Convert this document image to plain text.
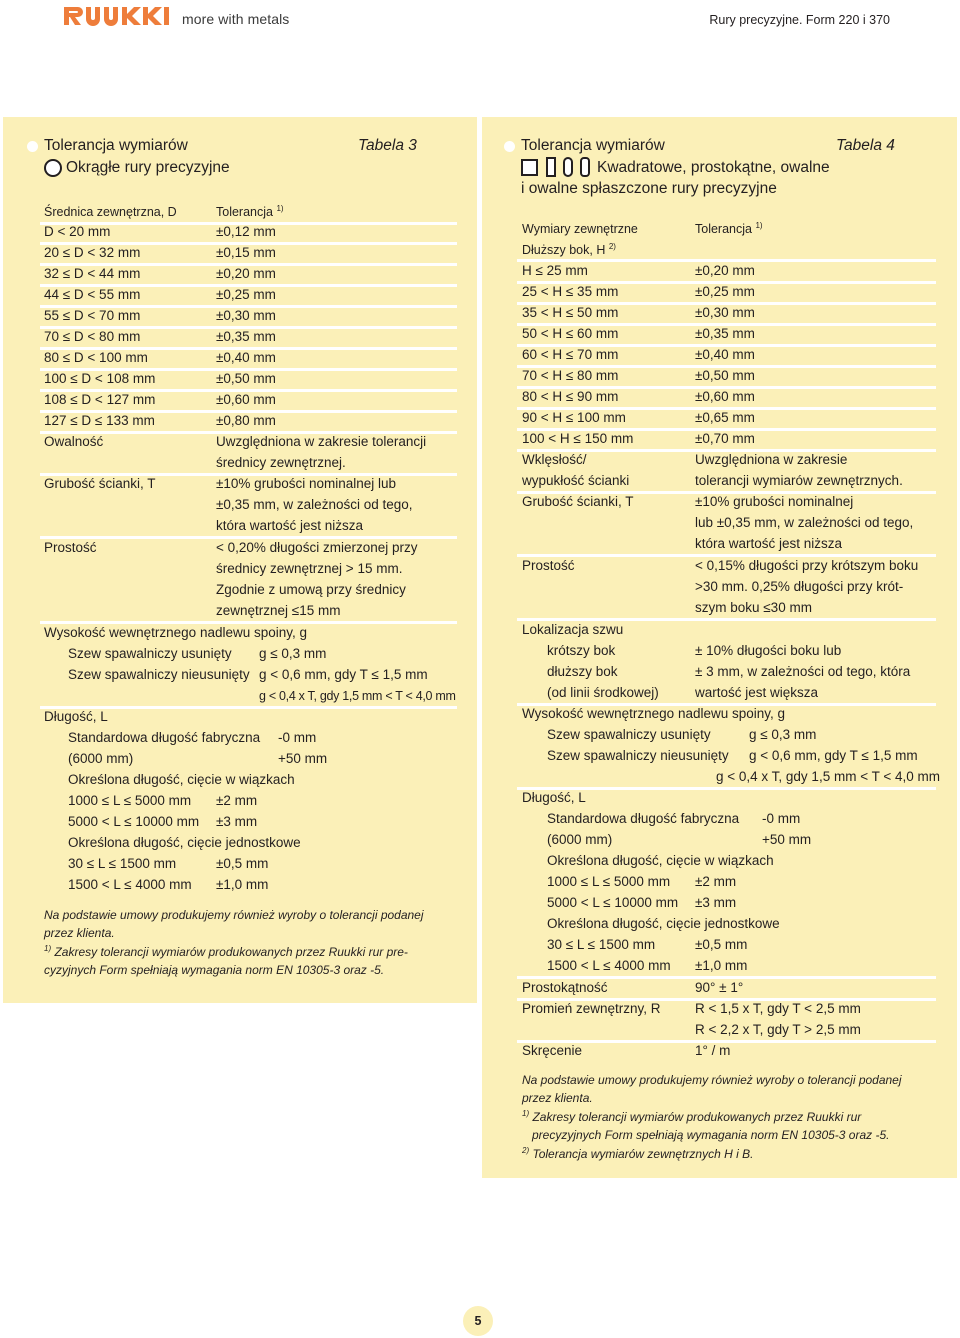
more with metals	Rury precyzyjne. Form 220 i 370
Tolerancja wymiarów	Tabela 3
Okrągłe rury precyzyjne
Średnica zewnętrzna, D	Tolerancja $^{1)}$
D < 20 mm	±0,12 mm
20 ≤ D < 32 mm	±0,15 mm
32 ≤ D < 44 mm	±0,20 mm
44 ≤ D < 55 mm	±0,25 mm
55 ≤ D < 70 mm	±0,30 mm
70 ≤ D < 80 mm	±0,35 mm
80 ≤ D < 100 mm	±0,40 mm
100 ≤ D < 108 mm	±0,50 mm
108 ≤ D < 127 mm	±0,60 mm
127 ≤ D ≤ 133 mm	±0,80 mm
Owalność	Uwzględniona w zakresie tolerancji
średnicy zewnętrznej.
Grubość ścianki, T	±10% grubości nominalnej lub
±0,35 mm, w zależności od tego,
która wartość jest niższa
Prostość	< 0,20% długości zmierzonej przy
średnicy zewnętrznej > 15 mm.
Zgodnie z umową przy średnicy
zewnętrznej ≤15 mm
Wysokość wewnętrznego nadlewu spoiny, g
Szew spawalniczy usunięty g ≤ 0,3 mm
Szew spawalniczy nieusunięty g < 0,6 mm, gdy T ≤ 1,5 mm
g < 0,4 x T, gdy 1,5 mm < T < 4,0 mm
Długość, L
Standardowa długość fabryczna -0 mm
(6000 mm)	+50 mm
Określona długość, cięcie w wiązkach
1000 ≤ L ≤ 5000 mm ±2 mm
5000 < L ≤ 10000 mm ±3 mm
Określona długość, cięcie jednostkowe
30 ≤ L ≤ 1500 mm	±0,5 mm
1500 < L ≤ 4000 mm ±1,0 mm
Na podstawie umowy produkujemy również wyroby o tolerancji podanej
przez klienta.
$^{1)}$ Zakresy tolerancji wymiarów produkowanych przez Ruukki rur pre-
cyzyjnych Form spełniają wymagania norm EN 10305-3 oraz -5.
Tolerancja wymiarów	Tabela 4
Kwadratowe, prostokątne, owalne
i owalne spłaszczone rury precyzyjne
Wymiary zewnętrzne	Tolerancja $^{1)}$
Dłuższy bok, H $^{2)}$
H ≤ 25 mm	±0,20 mm
25 < H ≤ 35 mm	±0,25 mm
35 < H ≤ 50 mm	±0,30 mm
50 < H ≤ 60 mm	±0,35 mm
60 < H ≤ 70 mm	±0,40 mm
70 < H ≤ 80 mm	±0,50 mm
80 < H ≤ 90 mm	±0,60 mm
90 < H ≤ 100 mm	±0,65 mm
100 < H ≤ 150 mm	±0,70 mm
Wklęsłość/
wypukłość ścianki
Uwzględniona w zakresie
tolerancji wymiarów zewnętrznych.
Grubość ścianki, T	±10% grubości nominalnej
lub ±0,35 mm, w zależności od tego,
która wartość jest niższa
Prostość	< 0,15% długości przy krótszym boku
>30 mm. 0,25% długości przy krót-
szym boku ≤30 mm
Lokalizacja szwu
krótszy bok	± 10% długości boku lub
dłuższy bok	± 3 mm, w zależności od tego, która
(od linii środkowej)	wartość jest większa
Wysokość wewnętrznego nadlewu spoiny, g
Szew spawalniczy usunięty	g ≤ 0,3 mm
Szew spawalniczy nieusunięty g < 0,6 mm, gdy T ≤ 1,5 mm
g < 0,4 x T, gdy 1,5 mm < T < 4,0 mm
Długość, L
Standardowa długość fabryczna -0 mm
(6000 mm)	+50 mm
Określona długość, cięcie w wiązkach
1000 ≤ L ≤ 5000 mm ±2 mm
5000 < L ≤ 10000 mm ±3 mm
Określona długość, cięcie jednostkowe
30 ≤ L ≤ 1500 mm	±0,5 mm
1500 < L ≤ 4000 mm ±1,0 mm
Prostokątność	90° ± 1°
Promień zewnętrzny, R	R < 1,5 x T, gdy T < 2,5 mm
R < 2,2 x T, gdy T > 2,5 mm
Skręcenie	1° / m
Na podstawie umowy produkujemy również wyroby o tolerancji podanej
przez klienta.
$^{1)}$ Zakresy tolerancji wymiarów produkowanych przez Ruukki rur
precyzyjnych Form spełniają wymagania norm EN 10305-3 oraz -5.
$^{2)}$ Tolerancja wymiarów zewnętrznych H i B.
5
